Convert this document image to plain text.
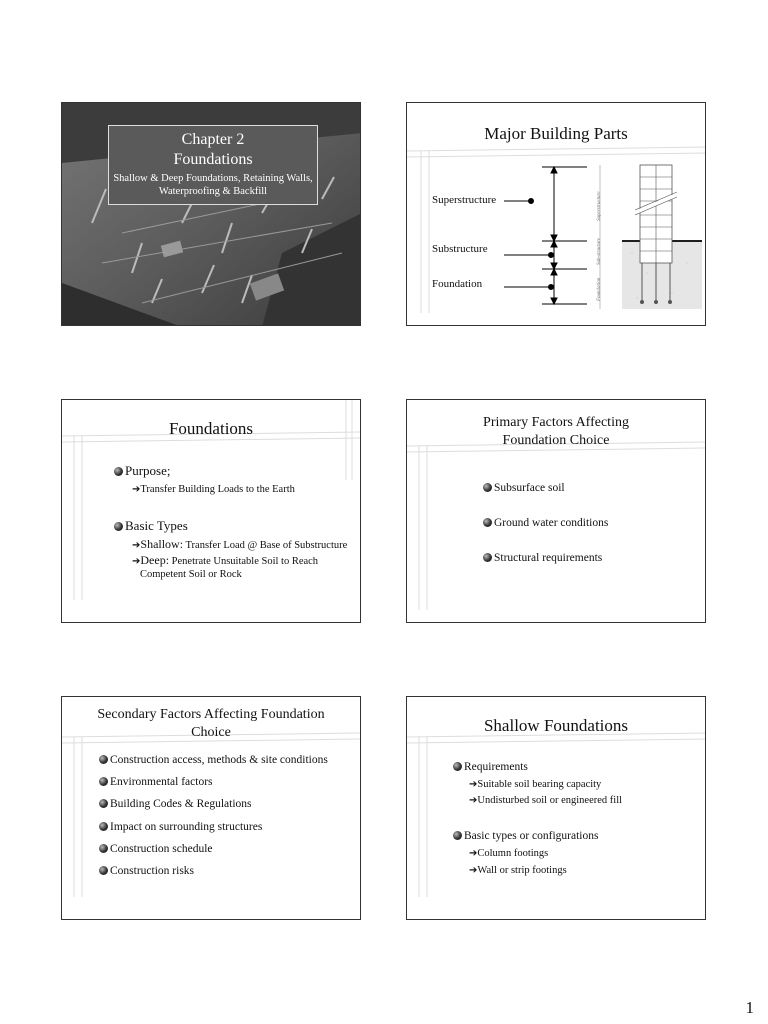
Chapter 2
Foundations
Shallow & Deep Foundations, Retaining Walls, Waterproofing & Backfill
Major Building Parts
Superstructure
Substructure
Foundation
Superstructure
Sub-structure
Foundation
Foundations
Purpose;
➔Transfer Building Loads to the Earth
Basic Types
➔Shallow: Transfer Load @ Base of Substructure
➔Deep: Penetrate Unsuitable Soil to Reach
Competent Soil or Rock
Primary Factors Affecting
Foundation Choice
Subsurface soil
Ground water conditions
Structural requirements
Secondary Factors Affecting Foundation
Choice
Construction access, methods & site conditions
Environmental factors
Building Codes & Regulations
Impact on surrounding structures
Construction schedule
Construction risks
Shallow Foundations
Requirements
➔Suitable soil bearing capacity
➔Undisturbed soil or engineered fill
Basic types or configurations
➔Column footings
➔Wall or strip footings
1
